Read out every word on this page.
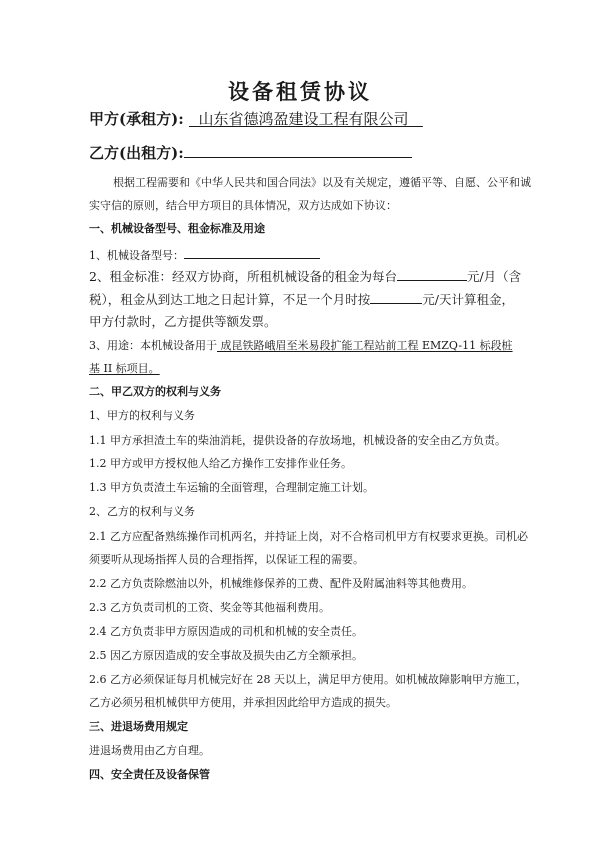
设备租赁协议
甲方(承租方): 山东省德鸿盈建设工程有限公司
乙方(出租方):
根据工程需要和《中华人民共和国合同法》以及有关规定，遵循平等、自愿、公平和诚
实守信的原则，结合甲方项目的具体情况，双方达成如下协议：
一、机械设备型号、租金标准及用途
1、机械设备型号：
2、租金标准：经双方协商，所租机械设备的租金为每台	元/月（含
税），租金从到达工地之日起计算，不足一个月时按	元/天计算租金，
甲方付款时，乙方提供等额发票。
3、用途：本机械设备用于 成昆铁路峨眉至米易段扩能工程站前工程 EMZQ-11 标段桩
基 II 标项目。
二、甲乙双方的权利与义务
1、甲方的权利与义务
1.1 甲方承担渣土车的柴油消耗，提供设备的存放场地，机械设备的安全由乙方负责。
1.2 甲方或甲方授权他人给乙方操作工安排作业任务。
1.3 甲方负责渣土车运输的全面管理，合理制定施工计划。
2、乙方的权利与义务
2.1 乙方应配备熟练操作司机两名，并持证上岗，对不合格司机甲方有权要求更换。司机必
须要听从现场指挥人员的合理指挥，以保证工程的需要。
2.2 乙方负责除燃油以外，机械维修保养的工费、配件及附属油料等其他费用。
2.3 乙方负责司机的工资、奖金等其他福利费用。
2.4 乙方负责非甲方原因造成的司机和机械的安全责任。
2.5 因乙方原因造成的安全事故及损失由乙方全额承担。
2.6 乙方必须保证每月机械完好在 28 天以上，满足甲方使用。如机械故障影响甲方施工，
乙方必须另租机械供甲方使用，并承担因此给甲方造成的损失。
三、进退场费用规定
进退场费用由乙方自理。
四、安全责任及设备保管
